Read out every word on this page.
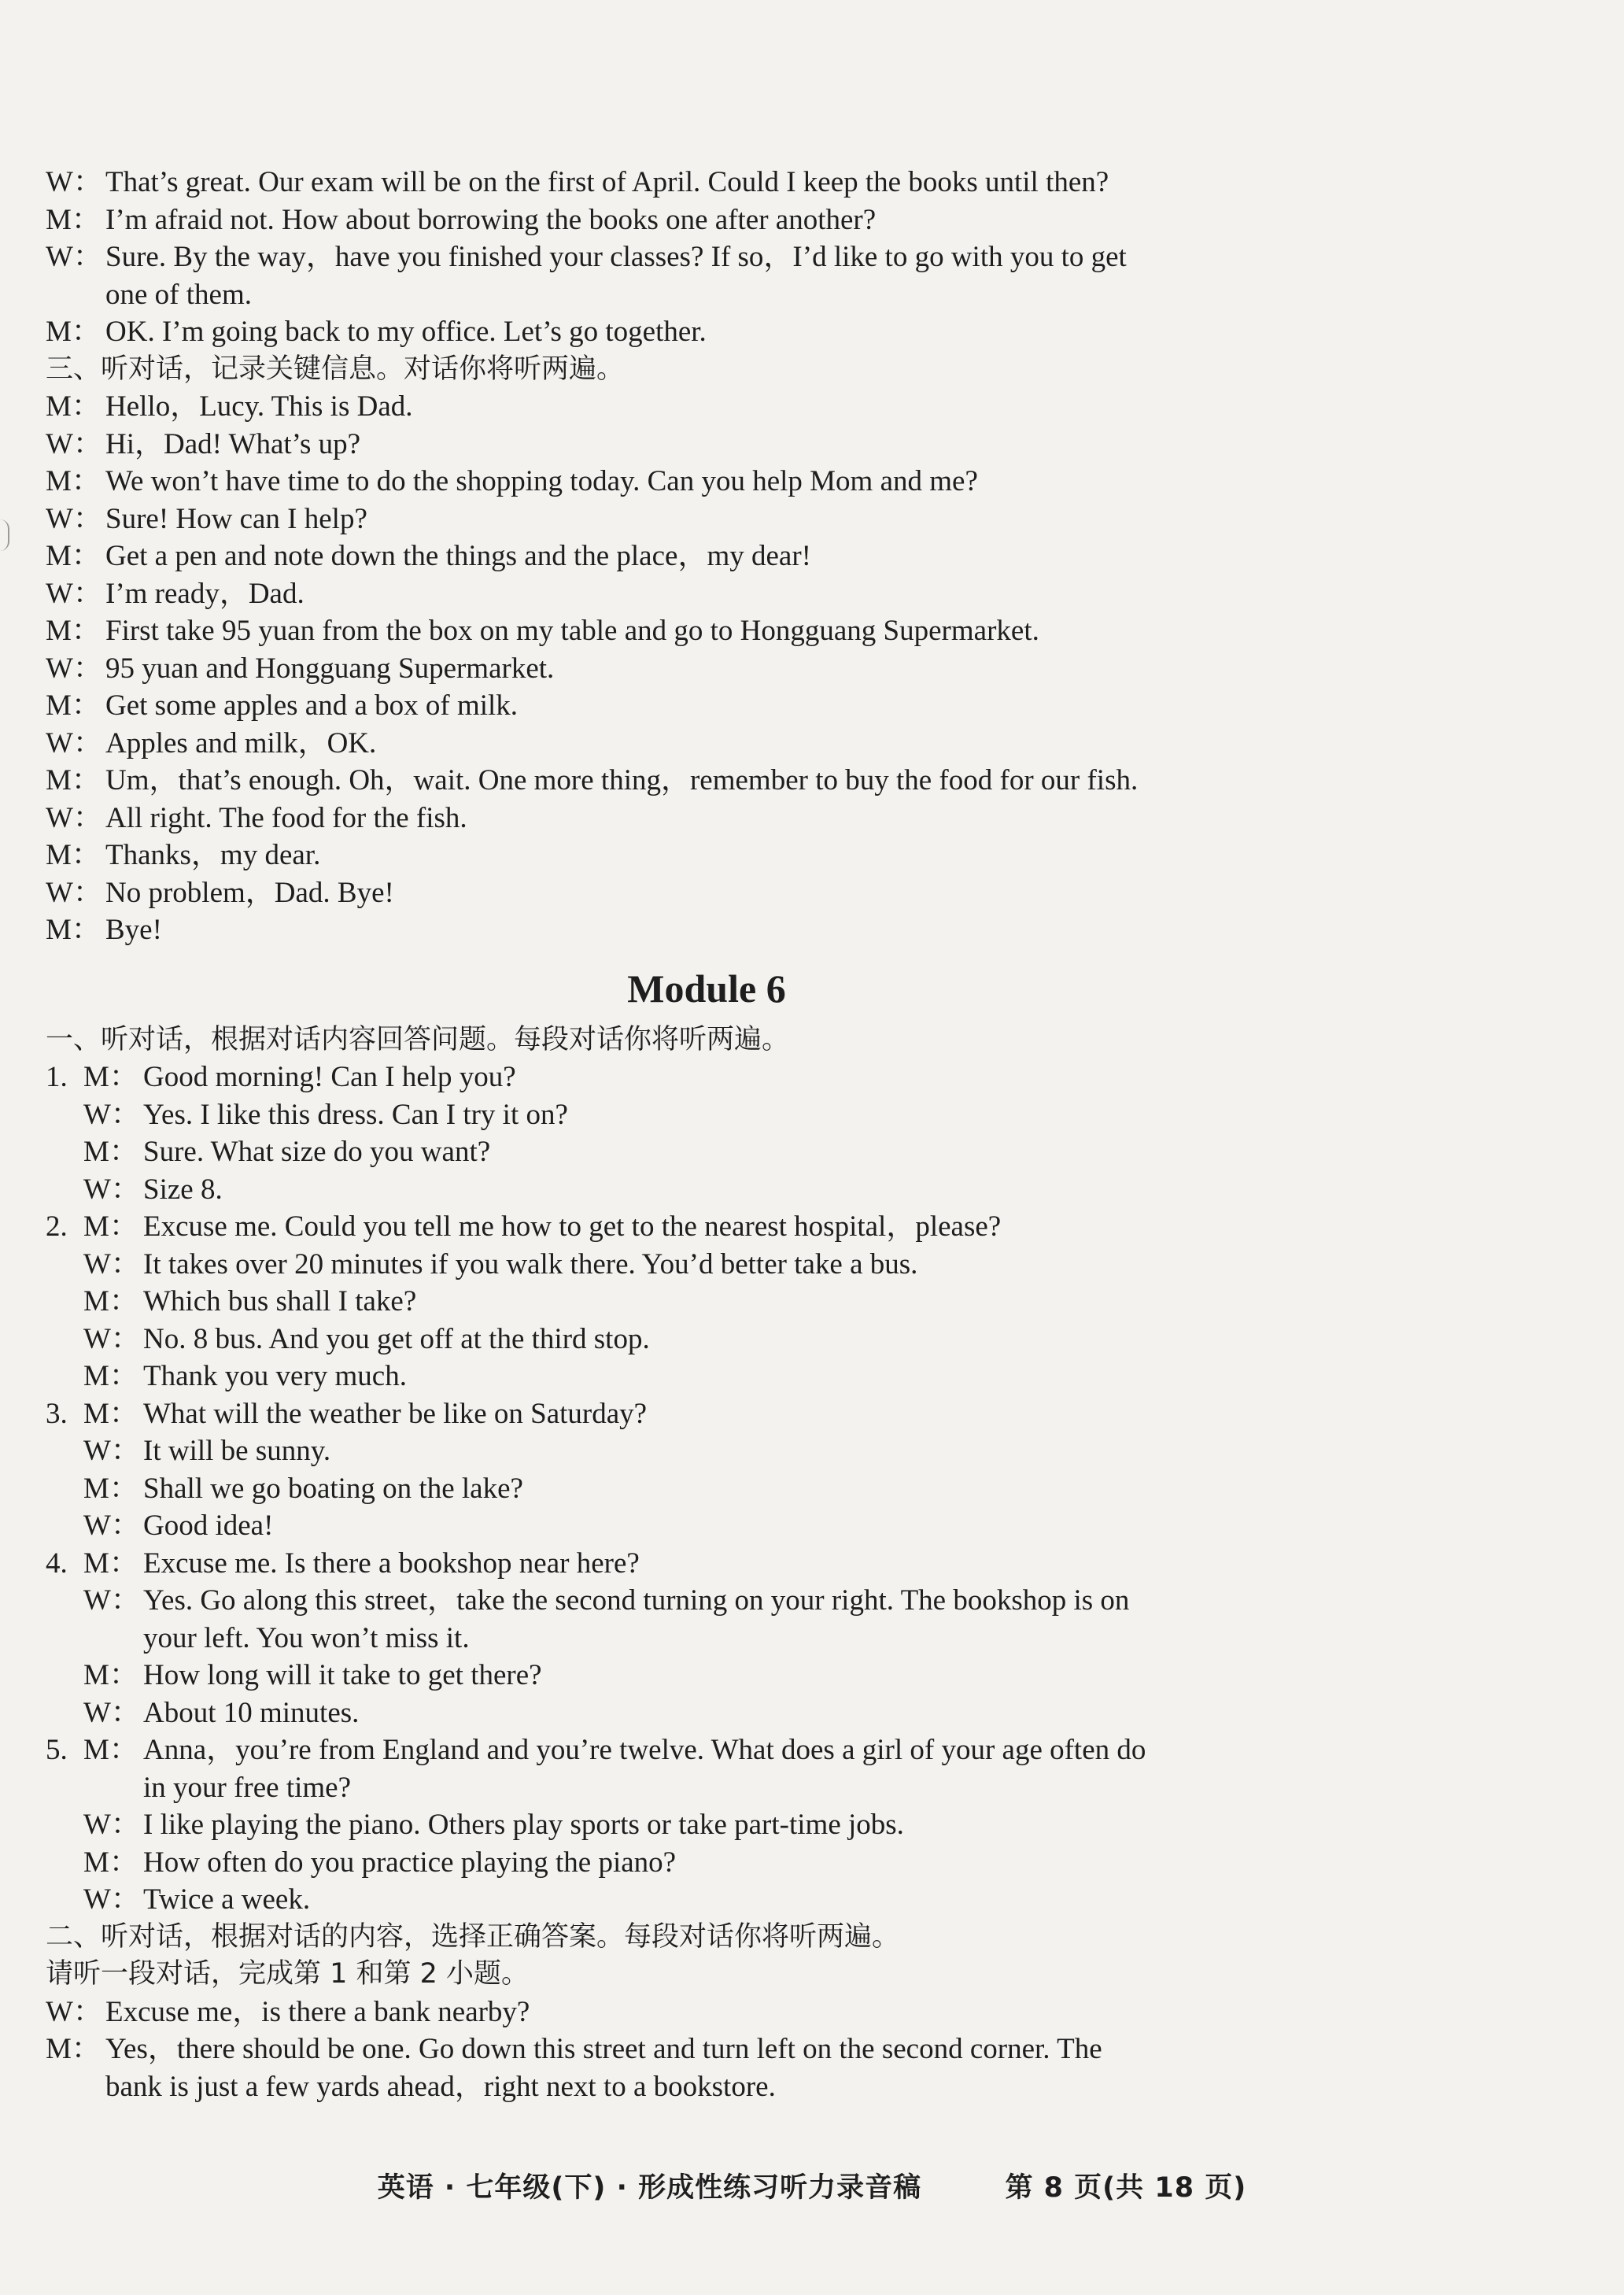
W： That’s great. Our exam will be on the first of April. Could I keep the books until then?
M： I’m afraid not. How about borrowing the books one after another?
W： Sure. By the way，have you finished your classes? If so，I’d like to go with you to get
one of them.
M： OK. I’m going back to my office. Let’s go together.
三、听对话，记录关键信息。对话你将听两遍。
M： Hello，Lucy. This is Dad.
W： Hi，Dad! What’s up?
M： We won’t have time to do the shopping today. Can you help Mom and me?
W： Sure! How can I help?
M： Get a pen and note down the things and the place，my dear!
W： I’m ready，Dad.
M： First take 95 yuan from the box on my table and go to Hongguang Supermarket.
W： 95 yuan and Hongguang Supermarket.
M： Get some apples and a box of milk.
W： Apples and milk，OK.
M： Um，that’s enough. Oh，wait. One more thing，remember to buy the food for our fish.
W： All right. The food for the fish.
M： Thanks，my dear.
W： No problem，Dad. Bye!
M： Bye!
Module 6
一、听对话，根据对话内容回答问题。每段对话你将听两遍。
1. M： Good morning! Can I help you?
W： Yes. I like this dress. Can I try it on?
M： Sure. What size do you want?
W： Size 8.
2. M： Excuse me. Could you tell me how to get to the nearest hospital，please?
W： It takes over 20 minutes if you walk there. You’d better take a bus.
M： Which bus shall I take?
W： No. 8 bus. And you get off at the third stop.
M： Thank you very much.
3. M： What will the weather be like on Saturday?
W： It will be sunny.
M： Shall we go boating on the lake?
W： Good idea!
4. M： Excuse me. Is there a bookshop near here?
W： Yes. Go along this street，take the second turning on your right. The bookshop is on
your left. You won’t miss it.
M： How long will it take to get there?
W： About 10 minutes.
5. M： Anna，you’re from England and you’re twelve. What does a girl of your age often do
in your free time?
W： I like playing the piano. Others play sports or take part-time jobs.
M： How often do you practice playing the piano?
W： Twice a week.
二、听对话，根据对话的内容，选择正确答案。每段对话你将听两遍。
请听一段对话，完成第 1 和第 2 小题。
W： Excuse me，is there a bank nearby?
M： Yes，there should be one. Go down this street and turn left on the second corner. The
bank is just a few yards ahead，right next to a bookstore.
英语 · 七年级(下) · 形成性练习听力录音稿	第 8 页(共 18 页)
